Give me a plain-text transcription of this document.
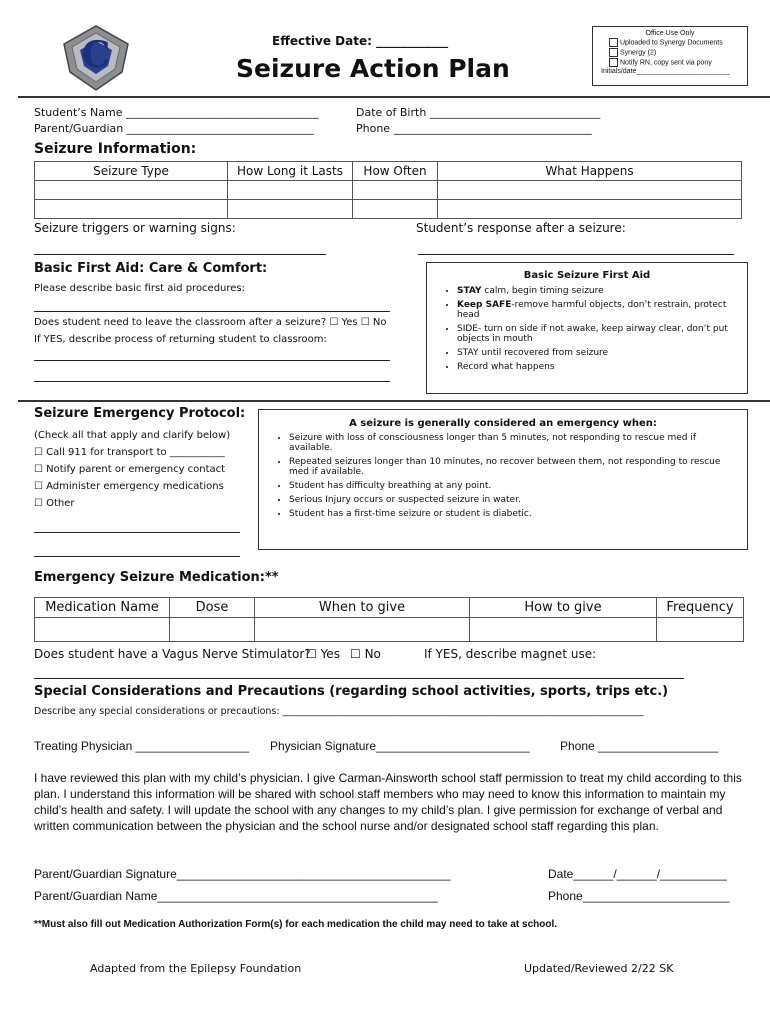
C	Effective Date: ____________
Seizure Action Plan
Office Use Only
Uploaded to Synergy Documents
Synergy (2)
Notify RN, copy sent via pony
Initials/date________________________
Student’s Name ___________________________________	Date of Birth _______________________________
Parent/Guardian __________________________________	Phone ____________________________________
Seizure Information:
Seizure Type	How Long it Lasts	How Often	What Happens

Seizure triggers or warning signs:	Student’s response after a seizure:
Basic First Aid: Care & Comfort:
Please describe basic first aid procedures:
Does student need to leave the classroom after a seizure? ☐ Yes ☐ No
If YES, describe process of returning student to classroom:
Basic Seizure First Aid
• STAY calm, begin timing seizure
• Keep SAFE-remove harmful objects, don’t restrain, protect head
• SIDE- turn on side if not awake, keep airway clear, don’t put objects in mouth
• STAY until recovered from seizure
• Record what happens
Seizure Emergency Protocol:
(Check all that apply and clarify below)
☐ Call 911 for transport to ___________
☐ Notify parent or emergency contact
☐ Administer emergency medications
☐ Other
A seizure is generally considered an emergency when:
• Seizure with loss of consciousness longer than 5 minutes, not responding to rescue med if available.
• Repeated seizures longer than 10 minutes, no recover between them, not responding to rescue med if available.
• Student has difficulty breathing at any point.
• Serious Injury occurs or suspected seizure in water.
• Student has a first-time seizure or student is diabetic.
Emergency Seizure Medication:**
Medication Name	Dose	When to give	How to give	Frequency

Does student have a Vagus Nerve Stimulator?
☐ Yes ☐ No	If YES, describe magnet use:
Special Considerations and Precautions (regarding school activities, sports, trips etc.)
Describe any special considerations or precautions: ____________________________________________________________________________
Treating Physician _________________ Physician Signature_______________________	Phone __________________
I have reviewed this plan with my child’s physician. I give Carman-Ainsworth school staff permission to treat my child according to this plan. I understand this information will be shared with school staff members who may need to know this information to maintain my child’s health and safety. I will update the school with any changes to my child’s plan. I give permission for exchange of verbal and written communication between the physician and the school nurse and/or designated school staff regarding this plan.
Parent/Guardian Signature_________________________________________	Date______/______/__________
Parent/Guardian Name__________________________________________	Phone______________________
**Must also fill out Medication Authorization Form(s) for each medication the child may need to take at school.
Adapted from the Epilepsy Foundation	Updated/Reviewed 2/22 SK
